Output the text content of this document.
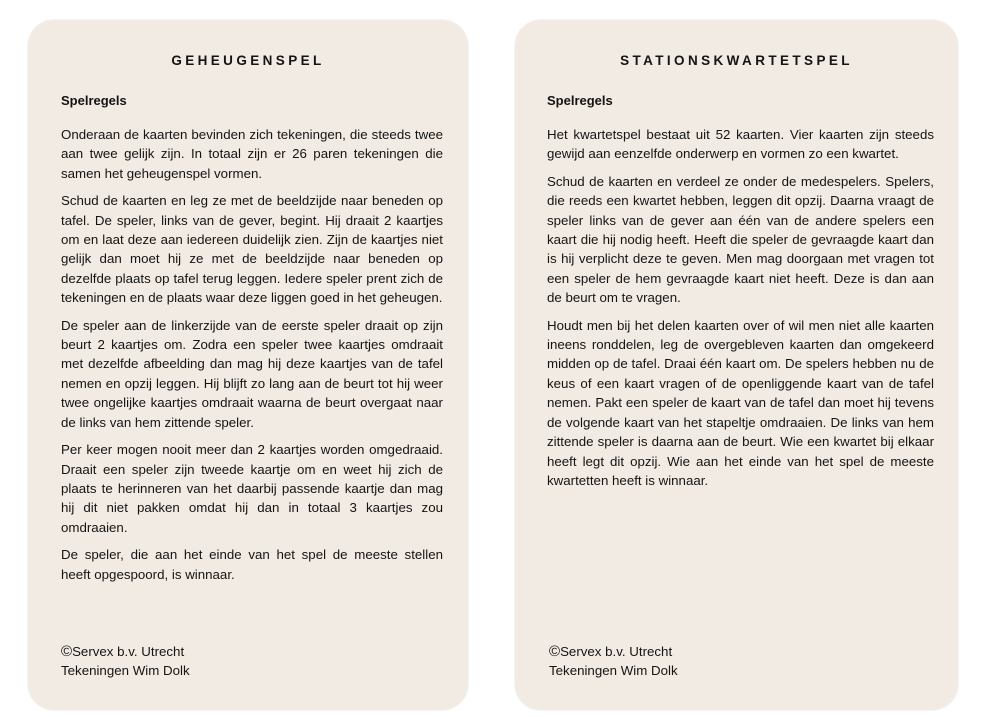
GEHEUGENSPEL
Spelregels

Onderaan de kaarten bevinden zich tekeningen, die steeds twee aan twee gelijk zijn. In totaal zijn er 26 paren tekeningen die samen het geheugenspel vormen.

Schud de kaarten en leg ze met de beeldzijde naar beneden op tafel. De speler, links van de gever, begint. Hij draait 2 kaartjes om en laat deze aan iedereen duidelijk zien. Zijn de kaartjes niet gelijk dan moet hij ze met de beeldzijde naar beneden op dezelfde plaats op tafel terug leggen. Iedere speler prent zich de tekeningen en de plaats waar deze liggen goed in het geheugen.

De speler aan de linkerzijde van de eerste speler draait op zijn beurt 2 kaartjes om. Zodra een speler twee kaartjes omdraait met dezelfde afbeelding dan mag hij deze kaartjes van de tafel nemen en opzij leggen. Hij blijft zo lang aan de beurt tot hij weer twee ongelijke kaartjes omdraait waarna de beurt overgaat naar de links van hem zittende speler.

Per keer mogen nooit meer dan 2 kaartjes worden omgedraaid. Draait een speler zijn tweede kaartje om en weet hij zich de plaats te herinneren van het daarbij passende kaartje dan mag hij dit niet pakken omdat hij dan in totaal 3 kaartjes zou omdraaien.

De speler, die aan het einde van het spel de meeste stellen heeft opgespoord, is winnaar.

©Servex b.v. Utrecht
Tekeningen Wim Dolk
STATIONSKWARTETSPEL
Spelregels

Het kwartetspel bestaat uit 52 kaarten. Vier kaarten zijn steeds gewijd aan eenzelfde onderwerp en vormen zo een kwartet.

Schud de kaarten en verdeel ze onder de medespelers. Spelers, die reeds een kwartet hebben, leggen dit opzij. Daarna vraagt de speler links van de gever aan één van de andere spelers een kaart die hij nodig heeft. Heeft die speler de gevraagde kaart dan is hij verplicht deze te geven. Men mag doorgaan met vragen tot een speler de hem gevraagde kaart niet heeft. Deze is dan aan de beurt om te vragen.

Houdt men bij het delen kaarten over of wil men niet alle kaarten ineens ronddelen, leg de overgebleven kaarten dan omgekeerd midden op de tafel. Draai één kaart om. De spelers hebben nu de keus of een kaart vragen of de openliggende kaart van de tafel nemen. Pakt een speler de kaart van de tafel dan moet hij tevens de volgende kaart van het stapeltje omdraaien. De links van hem zittende speler is daarna aan de beurt. Wie een kwartet bij elkaar heeft legt dit opzij. Wie aan het einde van het spel de meeste kwartetten heeft is winnaar.

©Servex b.v. Utrecht
Tekeningen Wim Dolk
